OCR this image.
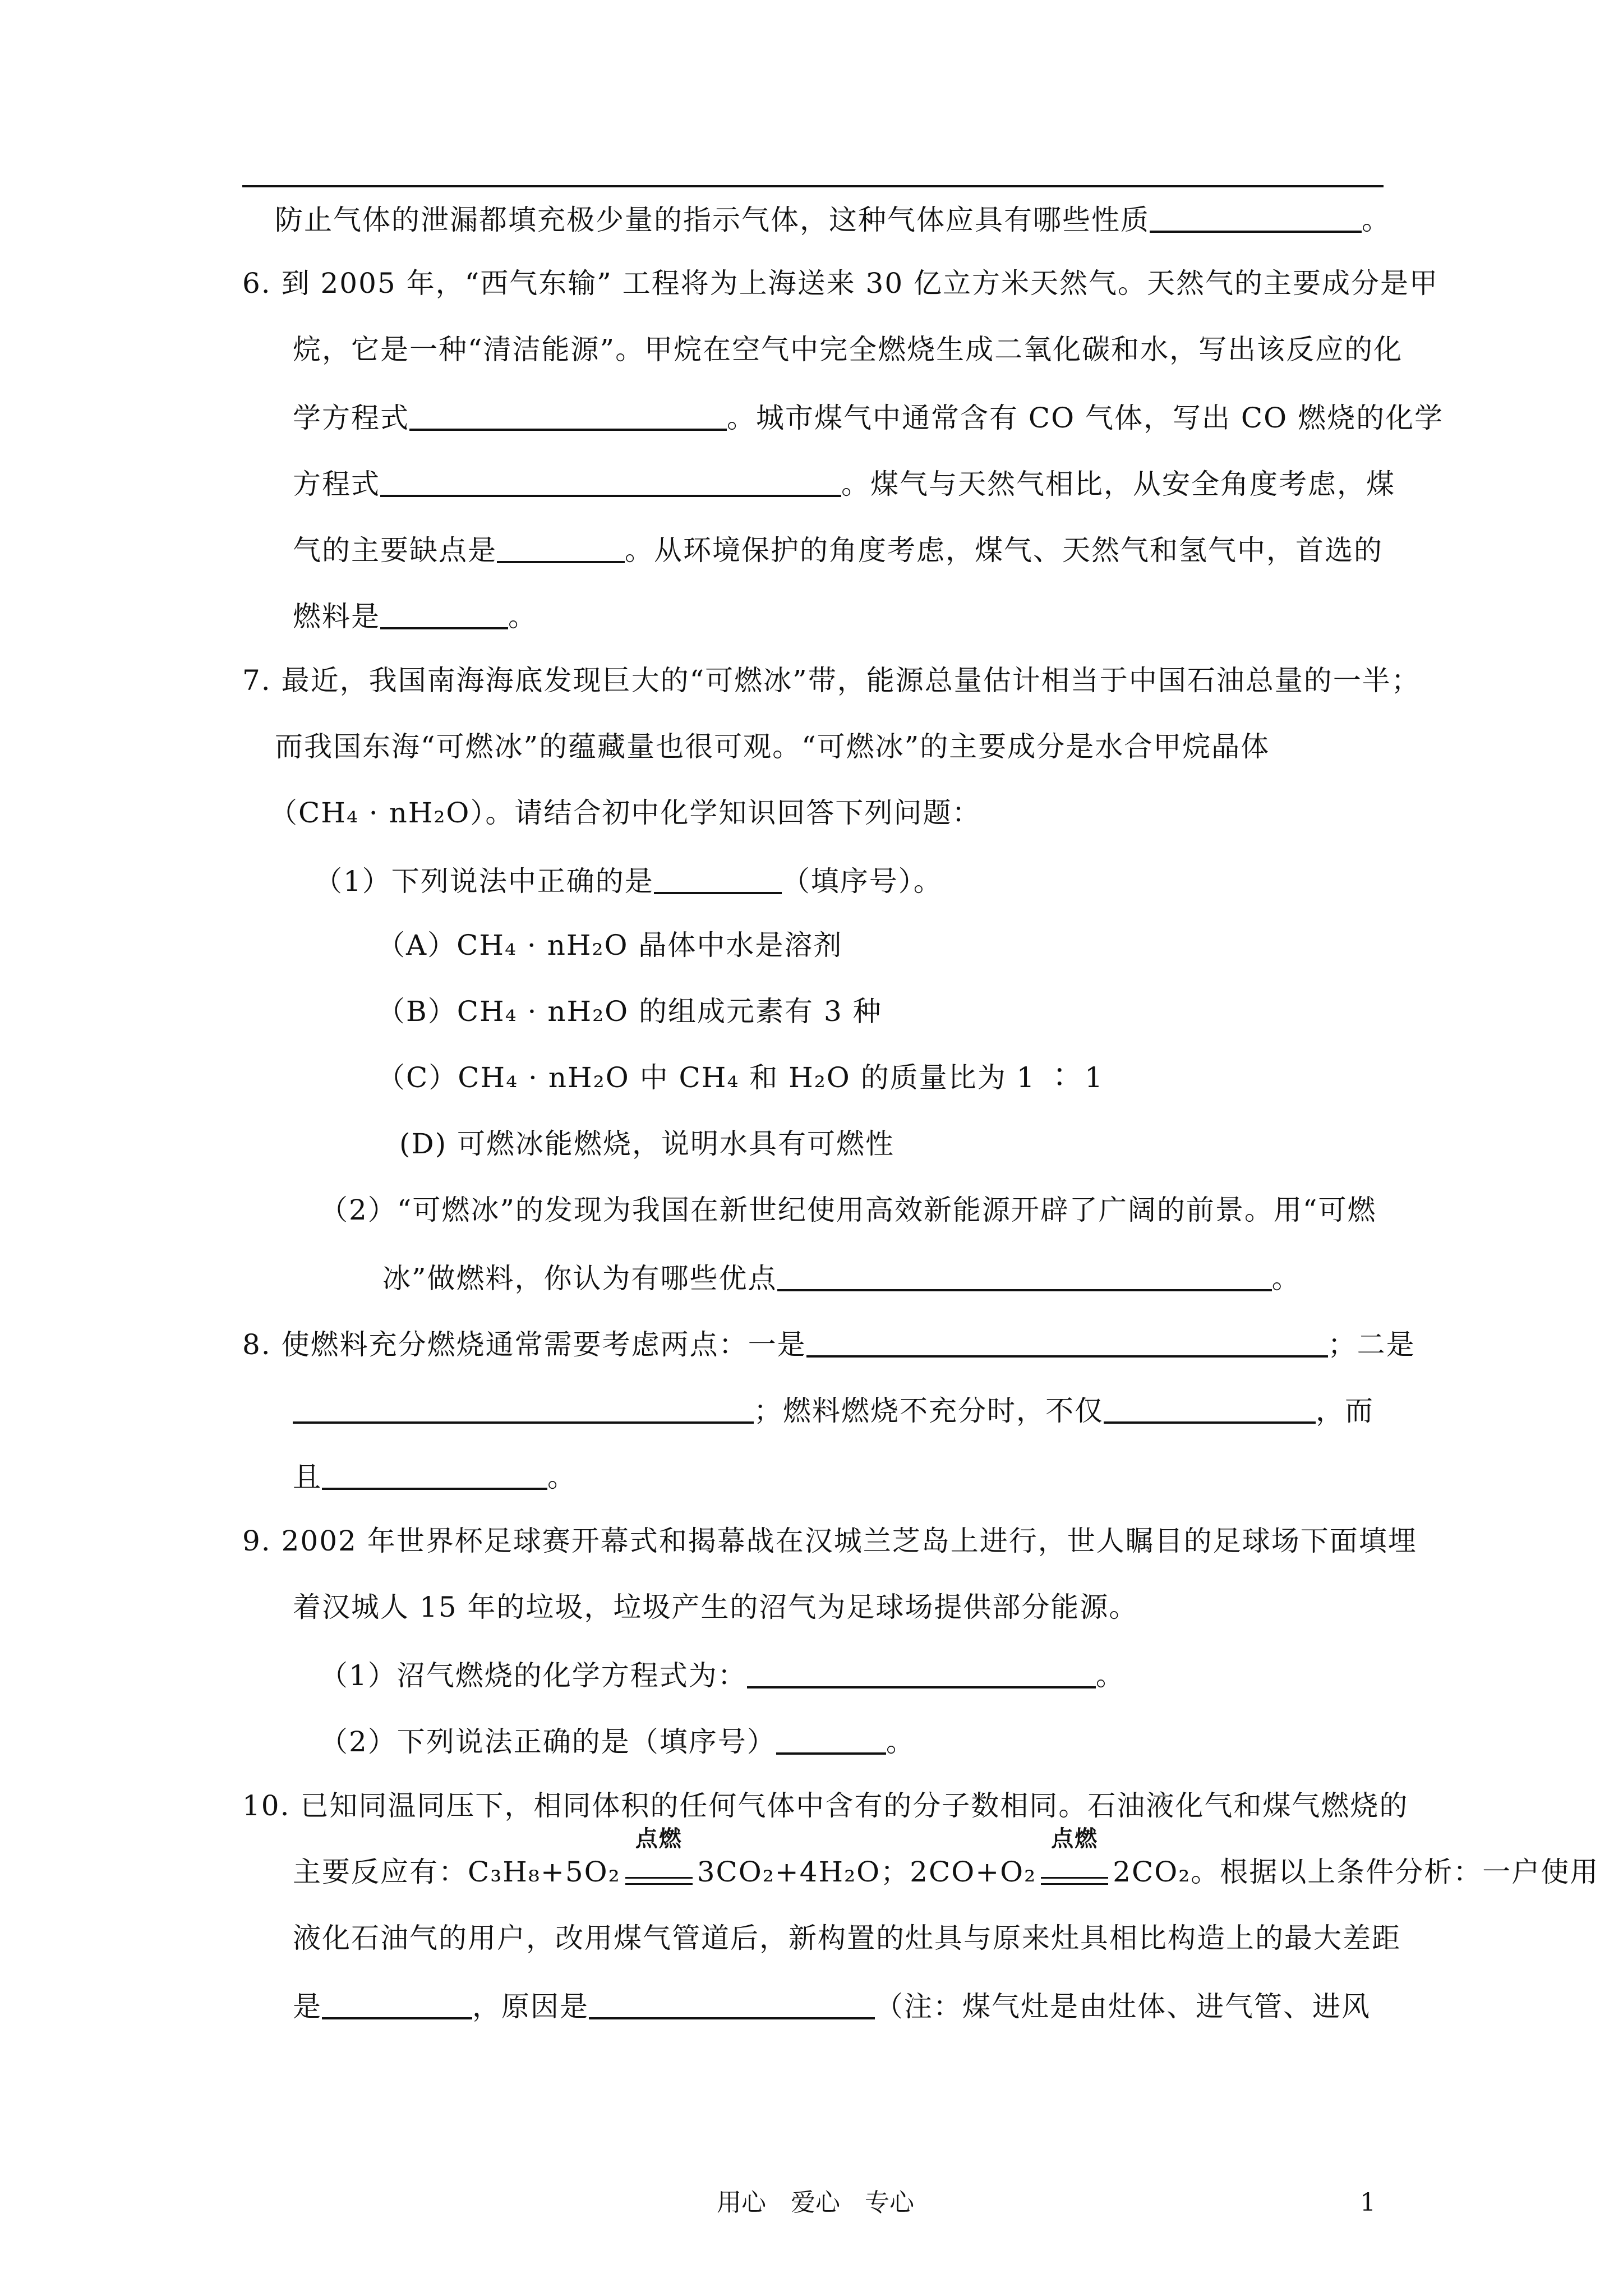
防止气体的泄漏都填充极少量的指示气体，这种气体应具有哪些性质	。
6. 到 2005 年，“西气东输” 工程将为上海送来 30 亿立方米天然气。天然气的主要成分是甲
烷，它是一种“清洁能源”。甲烷在空气中完全燃烧生成二氧化碳和水，写出该反应的化
学方程式	。城市煤气中通常含有 CO 气体，写出 CO 燃烧的化学
方程式	。煤气与天然气相比，从安全角度考虑，煤
气的主要缺点是	。从环境保护的角度考虑，煤气、天然气和氢气中，首选的
燃料是	。
7. 最近，我国南海海底发现巨大的“可燃冰”带，能源总量估计相当于中国石油总量的一半；
而我国东海“可燃冰”的蕴藏量也很可观。“可燃冰”的主要成分是水合甲烷晶体
（CH₄ · nH₂O）。请结合初中化学知识回答下列问题：
（1）下列说法中正确的是	（填序号）。
（A）CH₄ · nH₂O 晶体中水是溶剂
（B）CH₄ · nH₂O 的组成元素有 3 种
（C）CH₄ · nH₂O 中 CH₄ 和 H₂O 的质量比为 1 ∶ 1
(D) 可燃冰能燃烧，说明水具有可燃性
（2）“可燃冰”的发现为我国在新世纪使用高效新能源开辟了广阔的前景。用“可燃
冰”做燃料，你认为有哪些优点	。
8. 使燃料充分燃烧通常需要考虑两点：一是	；二是
；燃料燃烧不充分时，不仅	，而
且	。
9. 2002 年世界杯足球赛开幕式和揭幕战在汉城兰芝岛上进行，世人瞩目的足球场下面填埋
着汉城人 15 年的垃圾，垃圾产生的沼气为足球场提供部分能源。
（1）沼气燃烧的化学方程式为：	。
（2）下列说法正确的是（填序号）	。
10. 已知同温同压下，相同体积的任何气体中含有的分子数相同。石油液化气和煤气燃烧的
主要反应有：C₃H₈+5O₂
点燃
3CO₂+4H₂O；2CO+O₂
点燃
2CO₂。根据以上条件分析：一户使用
液化石油气的用户，改用煤气管道后，新构置的灶具与原来灶具相比构造上的最大差距
是	，原因是	（注：煤气灶是由灶体、进气管、进风
用心　爱心　专心	1
